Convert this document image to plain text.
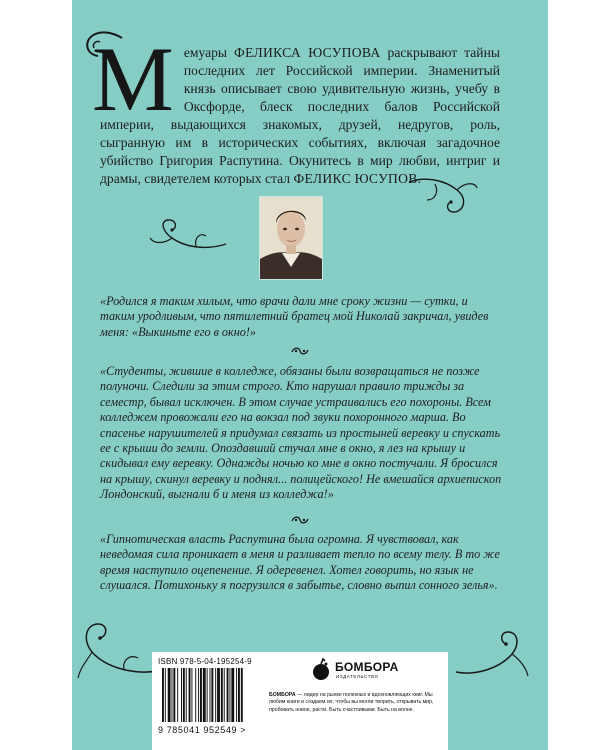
Мемуары ФЕЛИКСА ЮСУПОВА раскрывают тайны последних лет Российской империи. Знаменитый князь описывает свою удивительную жизнь, учебу в Оксфорде, блеск последних балов Российской империи, выдающихся знакомых, друзей, недругов, роль, сыгранную им в исторических событиях, включая загадочное убийство Григория Распутина. Окунитесь в мир любви, интриг и драмы, свидетелем которых стал ФЕЛИКС ЮСУПОВ.
«Родился я таким хилым, что врачи дали мне сроку жизни — сутки, и таким уродливым, что пятилетний братец мой Николай закричал, увидев меня: «Выкиньте его в окно!»
«Студенты, жившие в колледже, обязаны были возвращаться не позже полуночи. Следили за этим строго. Кто нарушал правило трижды за семестр, бывал исключен. В этом случае устраивались его похороны. Всем колледжем провожали его на вокзал под звуки похоронного марша. Во спасенье нарушителей я придумал связать из простыней веревку и спускать ее с крыши до земли. Опоздавший стучал мне в окно, я лез на крышу и скидывал ему веревку. Однажды ночью ко мне в окно постучали. Я бросился на крышу, скинул веревку и поднял... полицейского! Не вмешайся архиепископ Лондонский, выгнали б и меня из колледжа!»
«Гипнотическая власть Распутина была огромна. Я чувствовал, как неведомая сила проникает в меня и разливает тепло по всему телу. В то же время наступило оцепенение. Я одеревенел. Хотел говорить, но язык не слушался. Потихоньку я погрузился в забытье, словно выпил сонного зелья».
ISBN 978-5-04-195254-9
9 785041 952549 >
БОМБОРА
ИЗДАТЕЛЬСТВО
БОМБОРА — лидер на рынке полезных и вдохновляющих книг. Мы любим книги и создаем их, чтобы вы могли творить, открывать мир, пробовать новое, расти. Быть счастливыми. Быть на волне.
